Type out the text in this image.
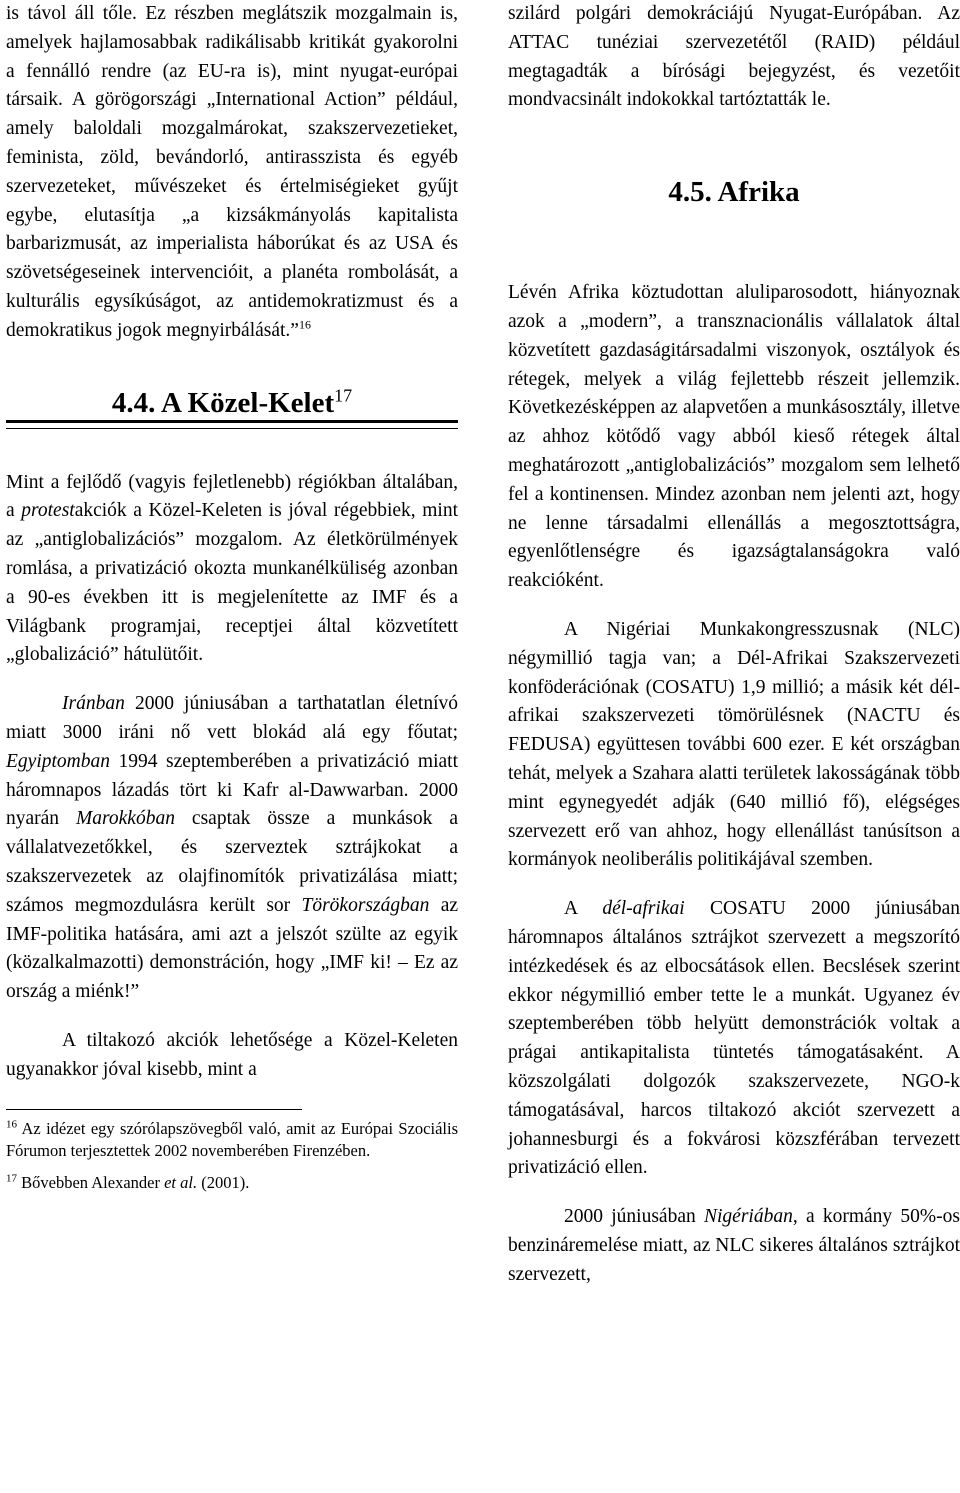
is távol áll tőle. Ez részben meglátszik mozgalmain is, amelyek hajlamosabbak radikálisabb kritikát gyakorolni a fennálló rendre (az EU-ra is), mint nyugat-európai társaik. A görögországi „International Action” például, amely baloldali mozgalmárokat, szakszervezetieket, feminista, zöld, bevándorló, antirasszista és egyéb szervezeteket, művészeket és értelmiségieket gyűjt egybe, elutasítja „a kizsákmányolás kapitalista barbarizmusát, az imperialista háborúkat és az USA és szövetségeseinek intervencióit, a planéta rombolását, a kulturális egysíkúságot, az antidemokratizmust és a demokratikus jogok megnyirbálását.”$^{16}$

4.4. A Közel-Kelet$^{17}$

Mint a fejlődő (vagyis fejletlenebb) régiókban általában, a protestakciók a Közel-Keleten is jóval régebbiek, mint az „antiglobalizációs” mozgalom. Az életkörülmények romlása, a privatizáció okozta munkanélküliség azonban a 90-es években itt is megjelenítette az IMF és a Világbank programjai, receptjei által közvetített „globalizáció” hátulütőit.

Iránban 2000 júniusában a tarthatatlan életnívó miatt 3000 iráni nő vett blokád alá egy főutat; Egyiptomban 1994 szeptemberében a privatizáció miatt háromnapos lázadás tört ki Kafr al-Dawwarban. 2000 nyarán Marokkóban csaptak össze a munkások a vállalatvezetőkkel, és szerveztek sztrájkokat a szakszervezetek az olajfinomítók privatizálása miatt; számos megmozdulásra került sor Törökországban az IMF-politika hatására, ami azt a jelszót szülte az egyik (közalkalmazotti) demonstráción, hogy „IMF ki! – Ez az ország a miénk!”

A tiltakozó akciók lehetősége a Közel-Keleten ugyanakkor jóval kisebb, mint a

$^{16}$ Az idézet egy szórólapszövegből való, amit az Európai Szociális Fórumon terjesztettek 2002 novemberében Firenzében.

$^{17}$ Bővebben Alexander et al. (2001).

szilárd polgári demokráciájú Nyugat-Európában. Az ATTAC tunéziai szervezetétől (RAID) például megtagadták a bírósági bejegyzést, és vezetőit mondvacsinált indokokkal tartóztatták le.

4.5. Afrika

Lévén Afrika köztudottan aluliparosodott, hiányoznak azok a „modern”, a transznacionális vállalatok által közvetített gazdaságitársadalmi viszonyok, osztályok és rétegek, melyek a világ fejlettebb részeit jellemzik. Következésképpen az alapvetően a munkásosztály, illetve az ahhoz kötődő vagy abból kieső rétegek által meghatározott „antiglobalizációs” mozgalom sem lelhető fel a kontinensen. Mindez azonban nem jelenti azt, hogy ne lenne társadalmi ellenállás a megosztottságra, egyenlőtlenségre és igazságtalanságokra való reakcióként.

A Nigériai Munkakongresszusnak (NLC) négymillió tagja van; a Dél-Afrikai Szakszervezeti konföderációnak (COSATU) 1,9 millió; a másik két dél-afrikai szakszervezeti tömörülésnek (NACTU és FEDUSA) együttesen további 600 ezer. E két országban tehát, melyek a Szahara alatti területek lakosságának több mint egynegyedét adják (640 millió fő), elégséges szervezett erő van ahhoz, hogy ellenállást tanúsítson a kormányok neoliberális politikájával szemben.

A dél-afrikai COSATU 2000 júniusában háromnapos általános sztrájkot szervezett a megszorító intézkedések és az elbocsátások ellen. Becslések szerint ekkor négymillió ember tette le a munkát. Ugyanez év szeptemberében több helyütt demonstrációk voltak a prágai antikapitalista tüntetés támogatásaként. A közszolgálati dolgozók szakszervezete, NGO-k támogatásával, harcos tiltakozó akciót szervezett a johannesburgi és a fokvárosi közszférában tervezett privatizáció ellen.

2000 júniusában Nigériában, a kormány 50%-os benzináremelése miatt, az NLC sikeres általános sztrájkot szervezett,
